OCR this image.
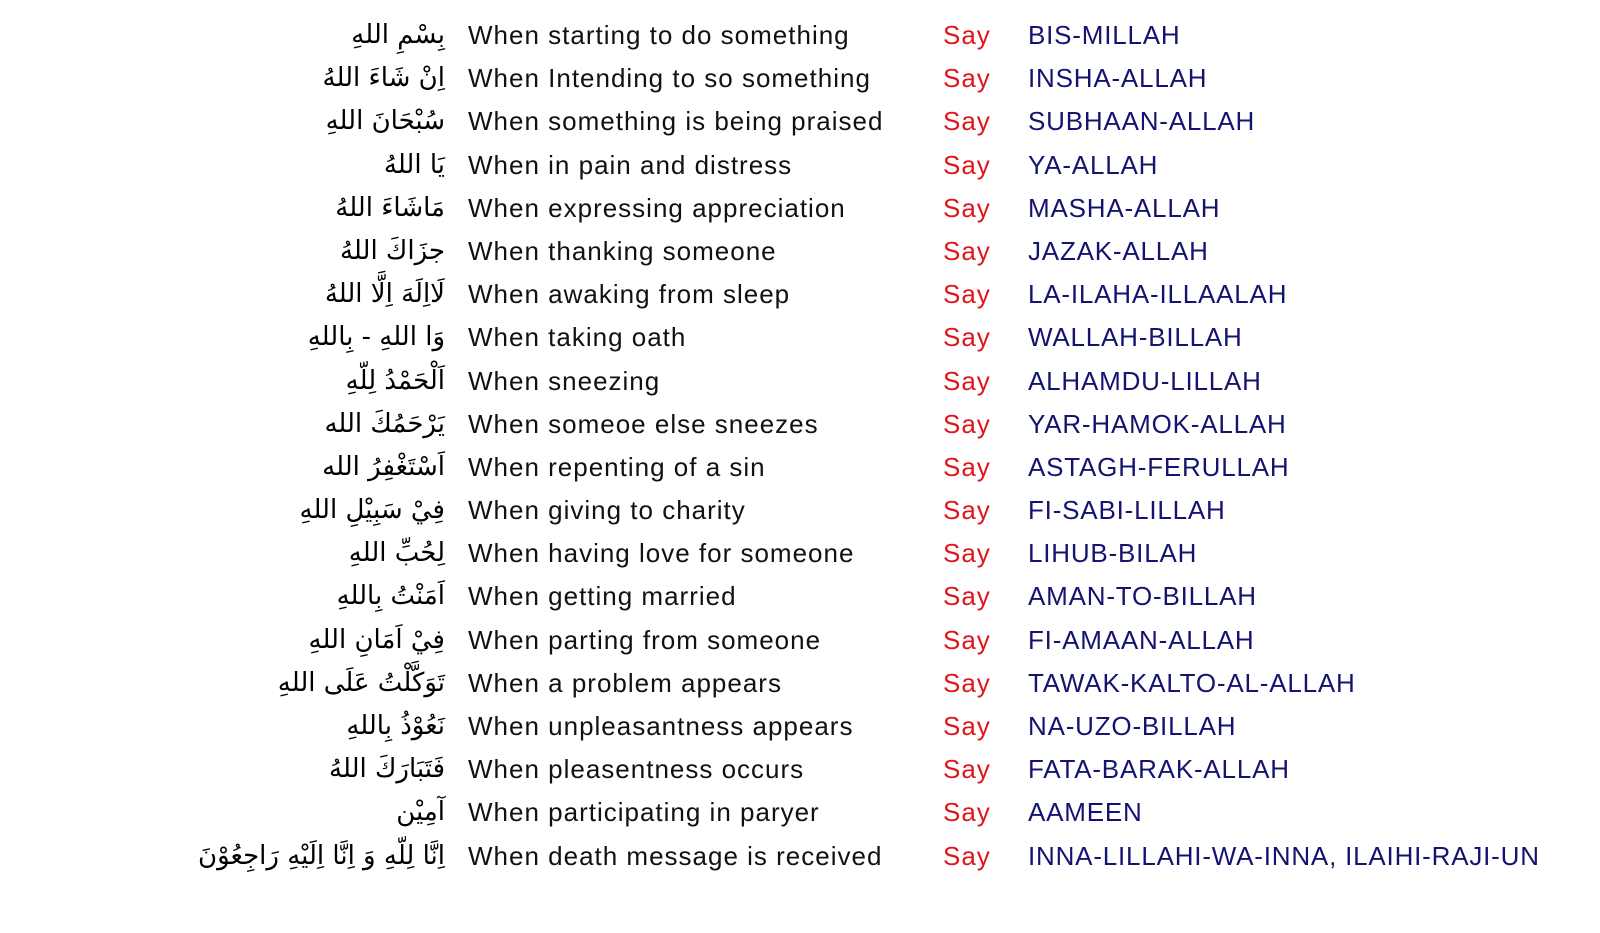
بِسْمِ اللهِ When starting to do something	Say BIS-MILLAH
اِنْ شَاءَ اللهُ When Intending to so something	Say INSHA-ALLAH
سُبْحَانَ اللهِ When something is being praised Say SUBHAAN-ALLAH
يَا اللهُ When in pain and distress	Say YA-ALLAH
مَاشَاءَ اللهُ When expressing appreciation	Say MASHA-ALLAH
جزَاكَ اللهُ When thanking someone	Say JAZAK-ALLAH
لَااِلَهَ اِلَّا اللهُ When awaking from sleep	Say LA-ILAHA-ILLAALAH
وَا اللهِ - بِاللهِ When taking oath	Say WALLAH-BILLAH
اَلْحَمْدُ لِلّهِ When sneezing	Say ALHAMDU-LILLAH
يَرْحَمُكَ الله When someoe else sneezes	Say YAR-HAMOK-ALLAH
اَسْتَغْفِرُ الله When repenting of a sin	Say ASTAGH-FERULLAH
فِيْ سَبِيْلِ اللهِ When giving to charity	Say FI-SABI-LILLAH
لِحُبِّ اللهِ When having love for someone	Say LIHUB-BILAH
اَمَنْتُ بِاللهِ When getting married	Say AMAN-TO-BILLAH
فِيْ اَمَانِ اللهِ When parting from someone	Say FI-AMAAN-ALLAH
تَوَكَّلْتُ عَلَى اللهِ When a problem appears	Say TAWAK-KALTO-AL-ALLAH
نَعُوْذُ بِاللهِ When unpleasantness appears	Say NA-UZO-BILLAH
فَتَبَارَكَ اللهُ When pleasentness occurs	Say FATA-BARAK-ALLAH
آمِيْن When participating in paryer	Say AAMEEN
اِنَّا لِلّهِ وَ اِنَّا اِلَيْهِ رَاجِعُوْنَ When death message is received Say INNA-LILLAHI-WA-INNA, ILAIHI-RAJI-UN
